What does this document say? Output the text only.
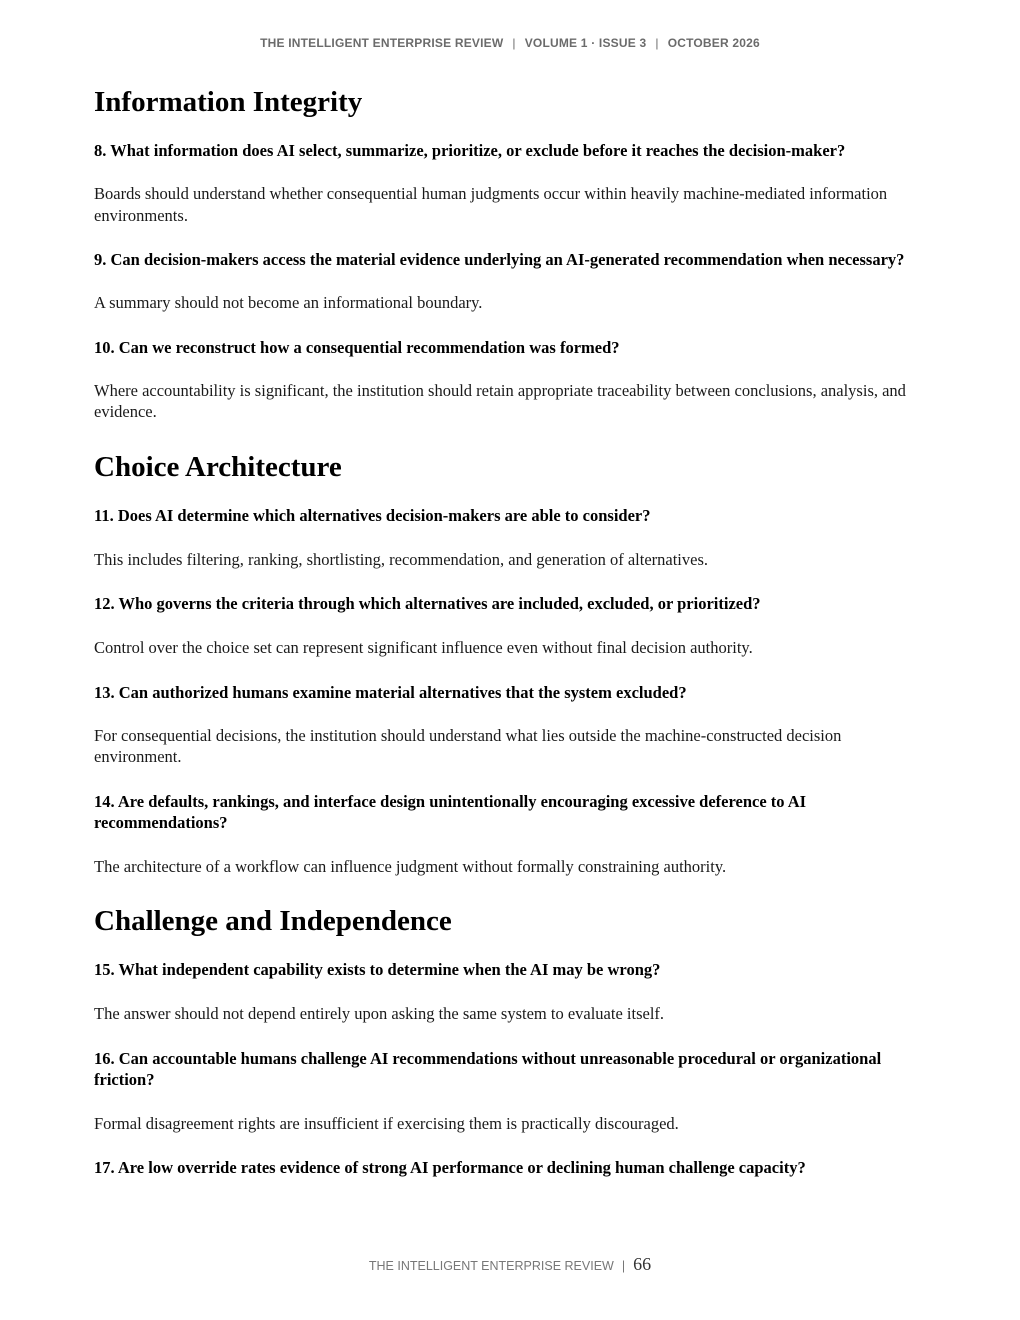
THE INTELLIGENT ENTERPRISE REVIEW | VOLUME 1 · ISSUE 3 | OCTOBER 2026
Information Integrity

8. What information does AI select, summarize, prioritize, or exclude before it reaches the decision-maker?

Boards should understand whether consequential human judgments occur within heavily machine-mediated information environments.

9. Can decision-makers access the material evidence underlying an AI-generated recommendation when necessary?

A summary should not become an informational boundary.

10. Can we reconstruct how a consequential recommendation was formed?

Where accountability is significant, the institution should retain appropriate traceability between conclusions, analysis, and evidence.

Choice Architecture

11. Does AI determine which alternatives decision-makers are able to consider?

This includes filtering, ranking, shortlisting, recommendation, and generation of alternatives.

12. Who governs the criteria through which alternatives are included, excluded, or prioritized?

Control over the choice set can represent significant influence even without final decision authority.

13. Can authorized humans examine material alternatives that the system excluded?

For consequential decisions, the institution should understand what lies outside the machine-constructed decision environment.

14. Are defaults, rankings, and interface design unintentionally encouraging excessive deference to AI recommendations?

The architecture of a workflow can influence judgment without formally constraining authority.

Challenge and Independence

15. What independent capability exists to determine when the AI may be wrong?

The answer should not depend entirely upon asking the same system to evaluate itself.

16. Can accountable humans challenge AI recommendations without unreasonable procedural or organizational friction?

Formal disagreement rights are insufficient if exercising them is practically discouraged.

17. Are low override rates evidence of strong AI performance or declining human challenge capacity?

THE INTELLIGENT ENTERPRISE REVIEW | 66
